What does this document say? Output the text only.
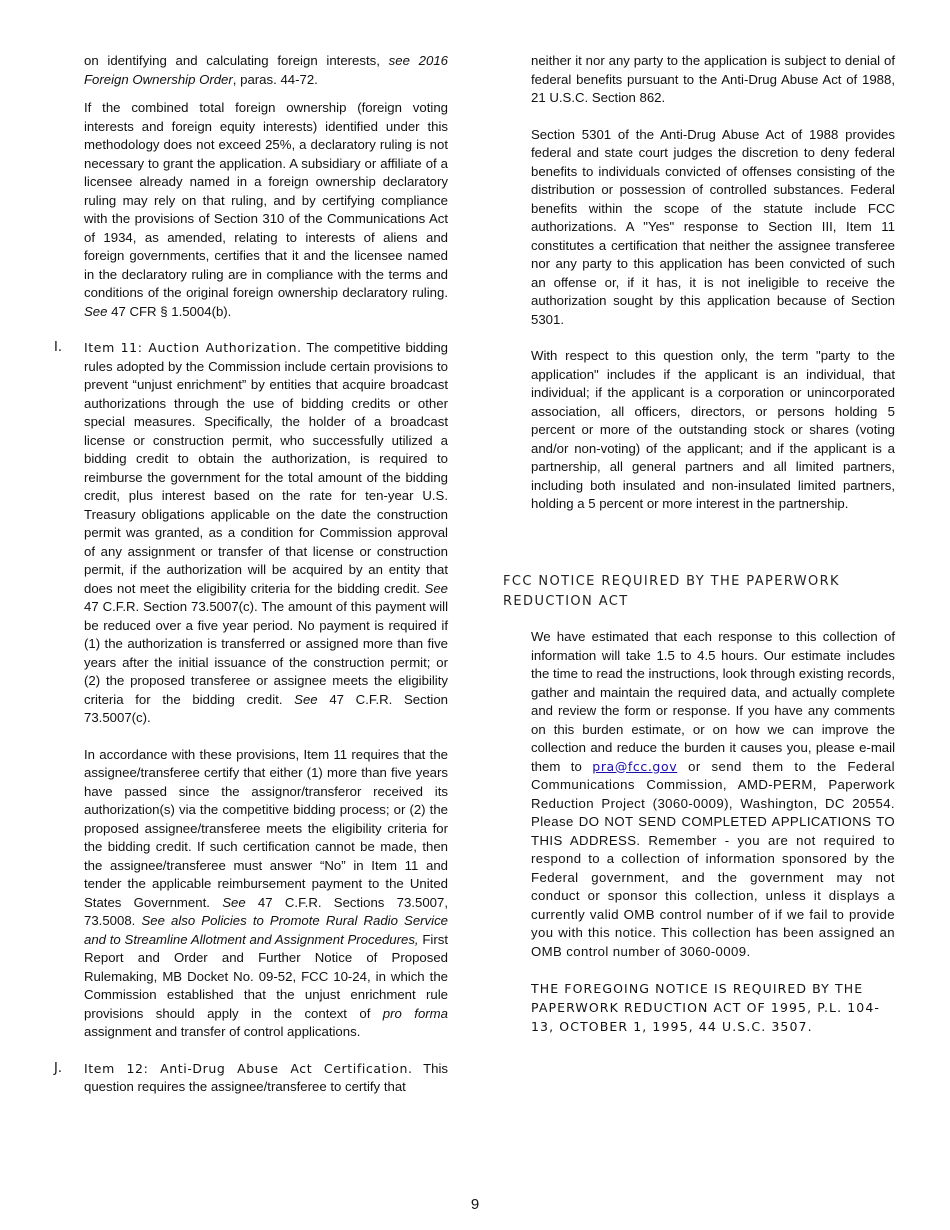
on identifying and calculating foreign interests, see 2016 Foreign Ownership Order, paras. 44-72.

If the combined total foreign ownership (foreign voting interests and foreign equity interests) identified under this methodology does not exceed 25%, a declaratory ruling is not necessary to grant the application. A subsidiary or affiliate of a licensee already named in a foreign ownership declaratory ruling may rely on that ruling, and by certifying compliance with the provisions of Section 310 of the Communications Act of 1934, as amended, relating to interests of aliens and foreign governments, certifies that it and the licensee named in the declaratory ruling are in compliance with the terms and conditions of the original foreign ownership declaratory ruling. See 47 CFR § 1.5004(b).

I. Item 11: Auction Authorization. The competitive bidding rules adopted by the Commission include certain provisions to prevent “unjust enrichment” by entities that acquire broadcast authorizations through the use of bidding credits or other special measures. Specifically, the holder of a broadcast license or construction permit, who successfully utilized a bidding credit to obtain the authorization, is required to reimburse the government for the total amount of the bidding credit, plus interest based on the rate for ten-year U.S. Treasury obligations applicable on the date the construction permit was granted, as a condition for Commission approval of any assignment or transfer of that license or construction permit, if the authorization will be acquired by an entity that does not meet the eligibility criteria for the bidding credit. See 47 C.F.R. Section 73.5007(c). The amount of this payment will be reduced over a five year period. No payment is required if (1) the authorization is transferred or assigned more than five years after the initial issuance of the construction permit; or (2) the proposed transferee or assignee meets the eligibility criteria for the bidding credit. See 47 C.F.R. Section 73.5007(c).

In accordance with these provisions, Item 11 requires that the assignee/transferee certify that either (1) more than five years have passed since the assignor/transferor received its authorization(s) via the competitive bidding process; or (2) the proposed assignee/transferee meets the eligibility criteria for the bidding credit. If such certification cannot be made, then the assignee/transferee must answer “No” in Item 11 and tender the applicable reimbursement payment to the United States Government. See 47 C.F.R. Sections 73.5007, 73.5008. See also Policies to Promote Rural Radio Service and to Streamline Allotment and Assignment Procedures, First Report and Order and Further Notice of Proposed Rulemaking, MB Docket No. 09-52, FCC 10-24, in which the Commission established that the unjust enrichment rule provisions should apply in the context of pro forma assignment and transfer of control applications.

J. Item 12: Anti-Drug Abuse Act Certification. This question requires the assignee/transferee to certify that

neither it nor any party to the application is subject to denial of federal benefits pursuant to the Anti-Drug Abuse Act of 1988, 21 U.S.C. Section 862.

Section 5301 of the Anti-Drug Abuse Act of 1988 provides federal and state court judges the discretion to deny federal benefits to individuals convicted of offenses consisting of the distribution or possession of controlled substances. Federal benefits within the scope of the statute include FCC authorizations. A "Yes" response to Section III, Item 11 constitutes a certification that neither the assignee transferee nor any party to this application has been convicted of such an offense or, if it has, it is not ineligible to receive the authorization sought by this application because of Section 5301.

With respect to this question only, the term "party to the application" includes if the applicant is an individual, that individual; if the applicant is a corporation or unincorporated association, all officers, directors, or persons holding 5 percent or more of the outstanding stock or shares (voting and/or non-voting) of the applicant; and if the applicant is a partnership, all general partners and all limited partners, including both insulated and non-insulated limited partners, holding a 5 percent or more interest in the partnership.

FCC NOTICE REQUIRED BY THE PAPERWORK REDUCTION ACT

We have estimated that each response to this collection of information will take 1.5 to 4.5 hours. Our estimate includes the time to read the instructions, look through existing records, gather and maintain the required data, and actually complete and review the form or response. If you have any comments on this burden estimate, or on how we can improve the collection and reduce the burden it causes you, please e-mail them to pra@fcc.gov or send them to the Federal Communications Commission, AMD-PERM, Paperwork Reduction Project (3060-0009), Washington, DC 20554. Please DO NOT SEND COMPLETED APPLICATIONS TO THIS ADDRESS. Remember - you are not required to respond to a collection of information sponsored by the Federal government, and the government may not conduct or sponsor this collection, unless it displays a currently valid OMB control number of if we fail to provide you with this notice. This collection has been assigned an OMB control number of 3060-0009.

THE FOREGOING NOTICE IS REQUIRED BY THE PAPERWORK REDUCTION ACT OF 1995, P.L. 104-13, OCTOBER 1, 1995, 44 U.S.C. 3507.

9
